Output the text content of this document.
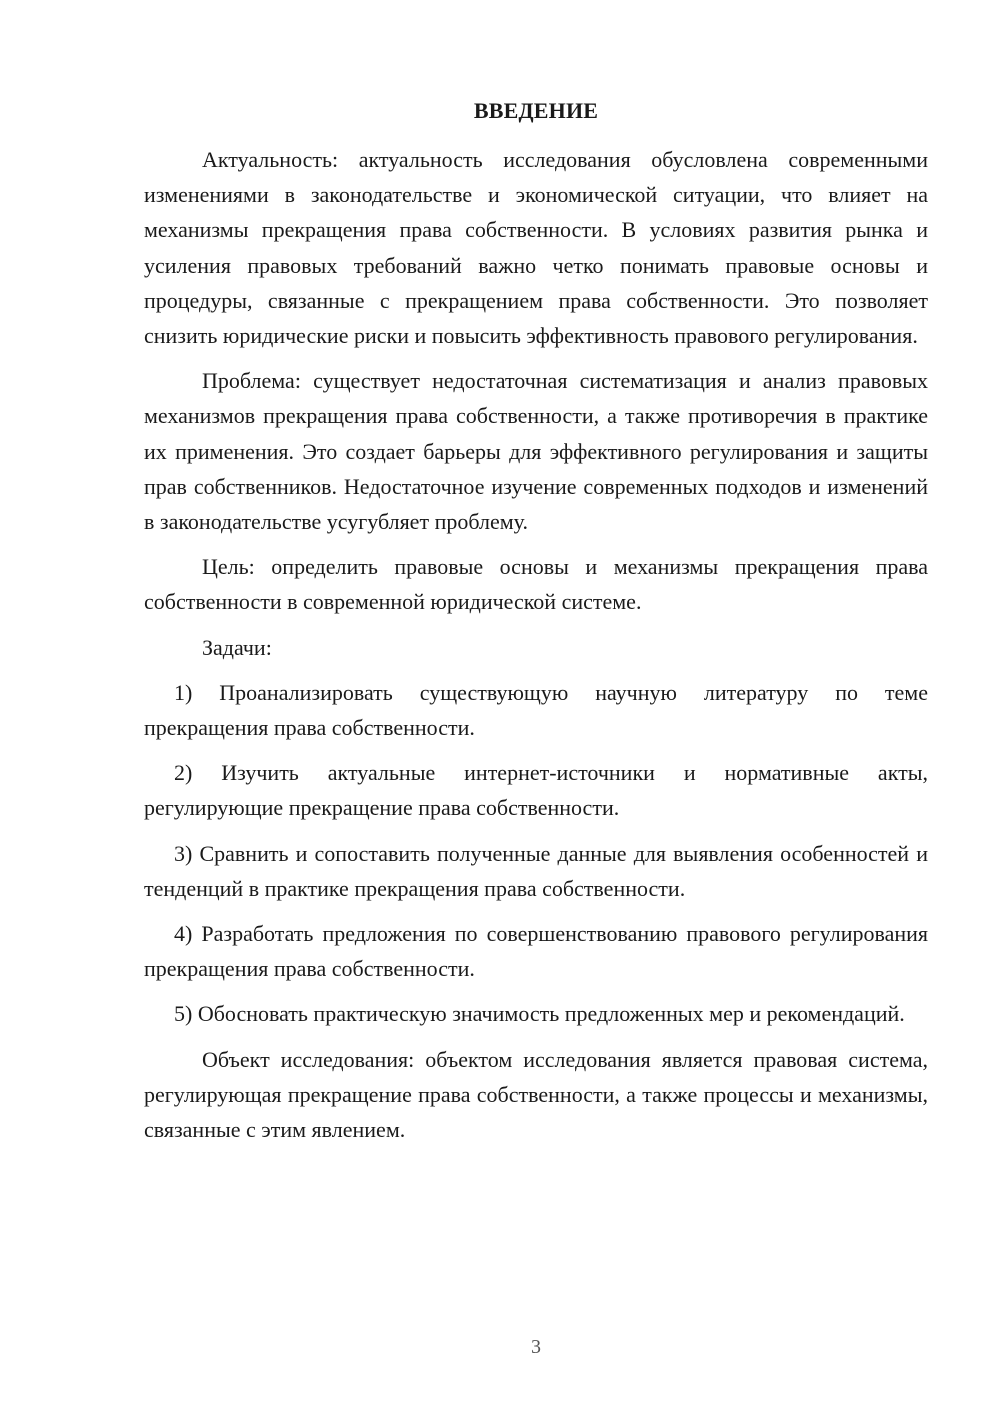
ВВЕДЕНИЕ

Актуальность: актуальность исследования обусловлена современными изменениями в законодательстве и экономической ситуации, что влияет на механизмы прекращения права собственности. В условиях развития рынка и усиления правовых требований важно четко понимать правовые основы и процедуры, связанные с прекращением права собственности. Это позволяет снизить юридические риски и повысить эффективность правового регулирования.

Проблема: существует недостаточная систематизация и анализ правовых механизмов прекращения права собственности, а также противоречия в практике их применения. Это создает барьеры для эффективного регулирования и защиты прав собственников. Недостаточное изучение современных подходов и изменений в законодательстве усугубляет проблему.

Цель: определить правовые основы и механизмы прекращения права собственности в современной юридической системе.

Задачи:

1) Проанализировать существующую научную литературу по теме прекращения права собственности.

2) Изучить актуальные интернет-источники и нормативные акты, регулирующие прекращение права собственности.

3) Сравнить и сопоставить полученные данные для выявления особенностей и тенденций в практике прекращения права собственности.

4) Разработать предложения по совершенствованию правового регулирования прекращения права собственности.

5) Обосновать практическую значимость предложенных мер и рекомендаций.

Объект исследования: объектом исследования является правовая система, регулирующая прекращение права собственности, а также процессы и механизмы, связанные с этим явлением.

3
